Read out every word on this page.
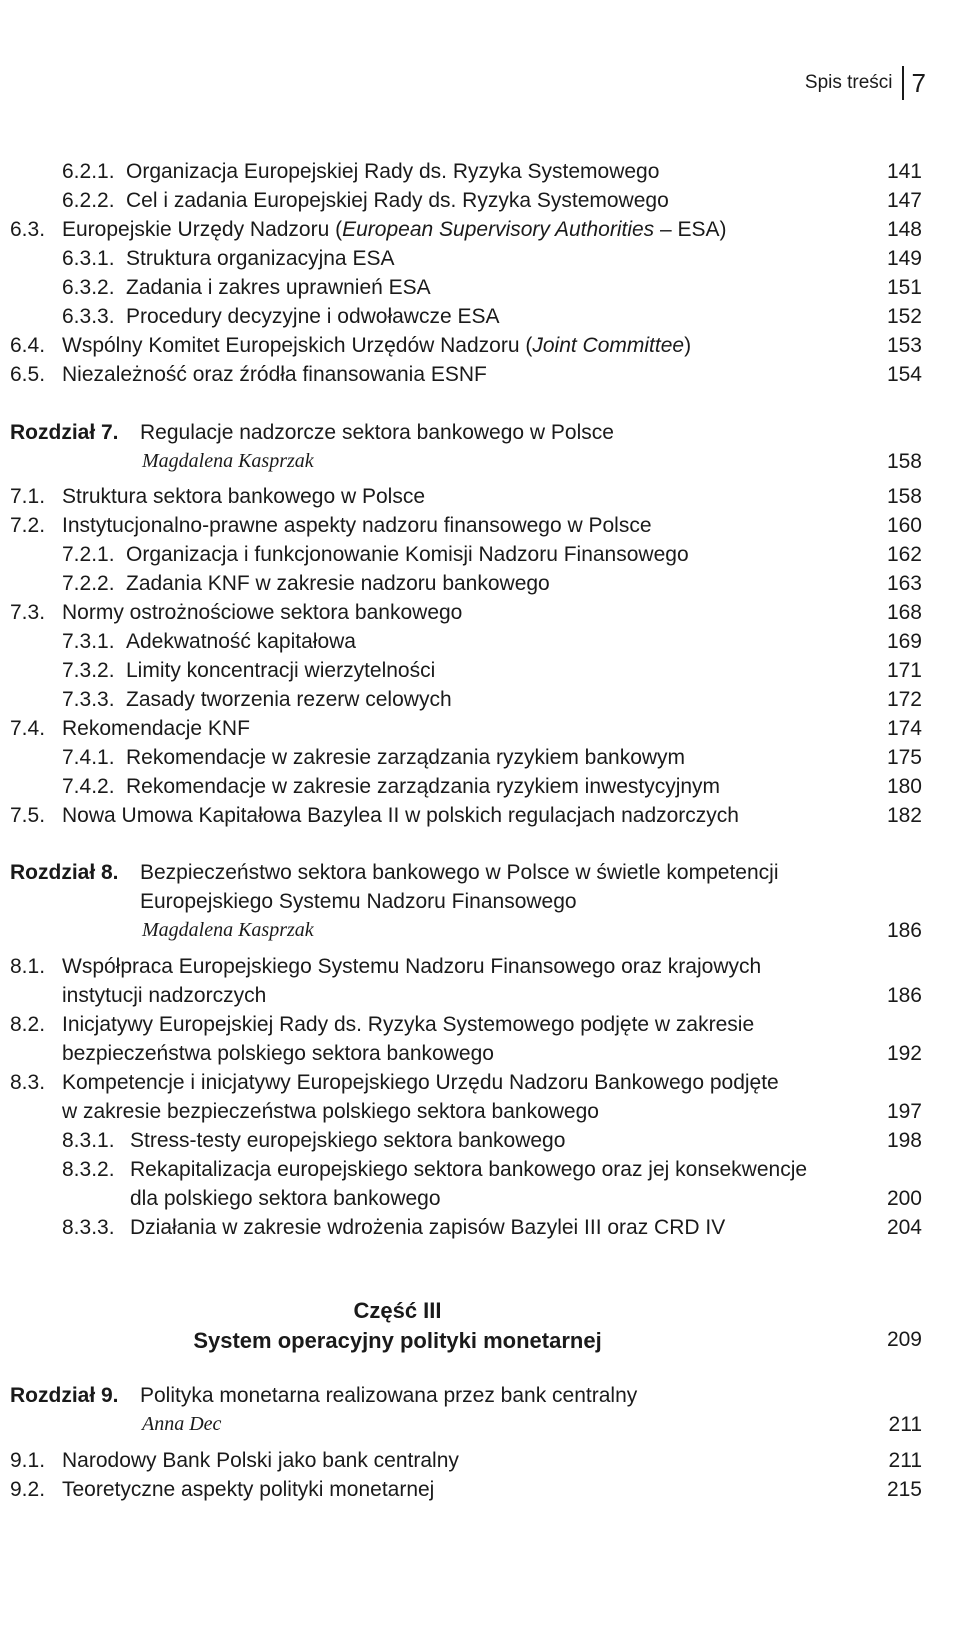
Spis treści 7
6.2.1. Organizacja Europejskiej Rady ds. Ryzyka Systemowego	141
6.2.2. Cel i zadania Europejskiej Rady ds. Ryzyka Systemowego	147
6.3. Europejskie Urzędy Nadzoru (European Supervisory Authorities – ESA)	148
6.3.1. Struktura organizacyjna ESA	149
6.3.2. Zadania i zakres uprawnień ESA	151
6.3.3. Procedury decyzyjne i odwoławcze ESA	152
6.4. Wspólny Komitet Europejskich Urzędów Nadzoru (Joint Committee)	153
6.5. Niezależność oraz źródła finansowania ESNF	154
Rozdział 7. Regulacje nadzorcze sektora bankowego w Polsce
Magdalena Kasprzak	158
7.1. Struktura sektora bankowego w Polsce	158
7.2. Instytucjonalno-prawne aspekty nadzoru finansowego w Polsce	160
7.2.1. Organizacja i funkcjonowanie Komisji Nadzoru Finansowego	162
7.2.2. Zadania KNF w zakresie nadzoru bankowego	163
7.3. Normy ostrożnościowe sektora bankowego	168
7.3.1. Adekwatność kapitałowa	169
7.3.2. Limity koncentracji wierzytelności	171
7.3.3. Zasady tworzenia rezerw celowych	172
7.4. Rekomendacje KNF	174
7.4.1. Rekomendacje w zakresie zarządzania ryzykiem bankowym	175
7.4.2. Rekomendacje w zakresie zarządzania ryzykiem inwestycyjnym	180
7.5. Nowa Umowa Kapitałowa Bazylea II w polskich regulacjach nadzorczych	182
Rozdział 8. Bezpieczeństwo sektora bankowego w Polsce w świetle kompetencji
Europejskiego Systemu Nadzoru Finansowego
Magdalena Kasprzak	186
8.1. Współpraca Europejskiego Systemu Nadzoru Finansowego oraz krajowych
instytucji nadzorczych	186
8.2. Inicjatywy Europejskiej Rady ds. Ryzyka Systemowego podjęte w zakresie
bezpieczeństwa polskiego sektora bankowego	192
8.3. Kompetencje i inicjatywy Europejskiego Urzędu Nadzoru Bankowego podjęte
w zakresie bezpieczeństwa polskiego sektora bankowego	197
8.3.1. Stress-testy europejskiego sektora bankowego	198
8.3.2. Rekapitalizacja europejskiego sektora bankowego oraz jej konsekwencje
dla polskiego sektora bankowego	200
8.3.3. Działania w zakresie wdrożenia zapisów Bazylei III oraz CRD IV	204
Część III
System operacyjny polityki monetarnej	209
Rozdział 9. Polityka monetarna realizowana przez bank centralny
Anna Dec	211
9.1. Narodowy Bank Polski jako bank centralny	211
9.2. Teoretyczne aspekty polityki monetarnej	215
